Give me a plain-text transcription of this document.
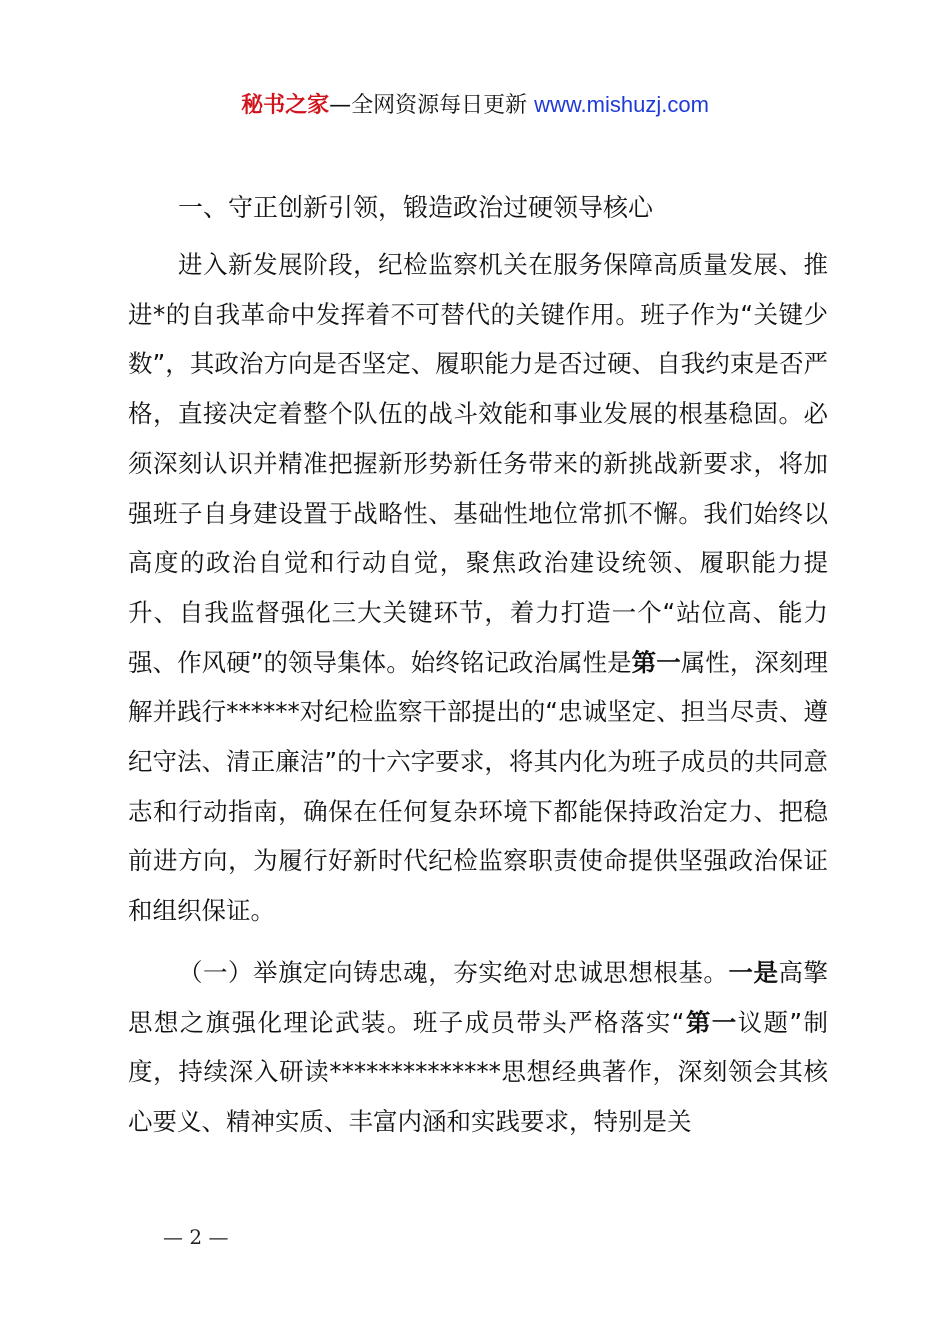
秘书之家—全网资源每日更新 www.mishuzj.com
一、守正创新引领，锻造政治过硬领导核心

进入新发展阶段，纪检监察机关在服务保障高质量发展、推进*的自我革命中发挥着不可替代的关键作用。班子作为“关键少数”，其政治方向是否坚定、履职能力是否过硬、自我约束是否严格，直接决定着整个队伍的战斗效能和事业发展的根基稳固。必须深刻认识并精准把握新形势新任务带来的新挑战新要求，将加强班子自身建设置于战略性、基础性地位常抓不懈。我们始终以高度的政治自觉和行动自觉，聚焦政治建设统领、履职能力提升、自我监督强化三大关键环节，着力打造一个“站位高、能力强、作风硬”的领导集体。始终铭记政治属性是第一属性，深刻理解并践行******对纪检监察干部提出的“忠诚坚定、担当尽责、遵纪守法、清正廉洁”的十六字要求，将其内化为班子成员的共同意志和行动指南，确保在任何复杂环境下都能保持政治定力、把稳前进方向，为履行好新时代纪检监察职责使命提供坚强政治保证和组织保证。

（一）举旗定向铸忠魂，夯实绝对忠诚思想根基。一是高擎思想之旗强化理论武装。班子成员带头严格落实“第一议题”制度，持续深入研读**************思想经典著作，深刻领会其核心要义、精神实质、丰富内涵和实践要求，特别是关

— 2 —
